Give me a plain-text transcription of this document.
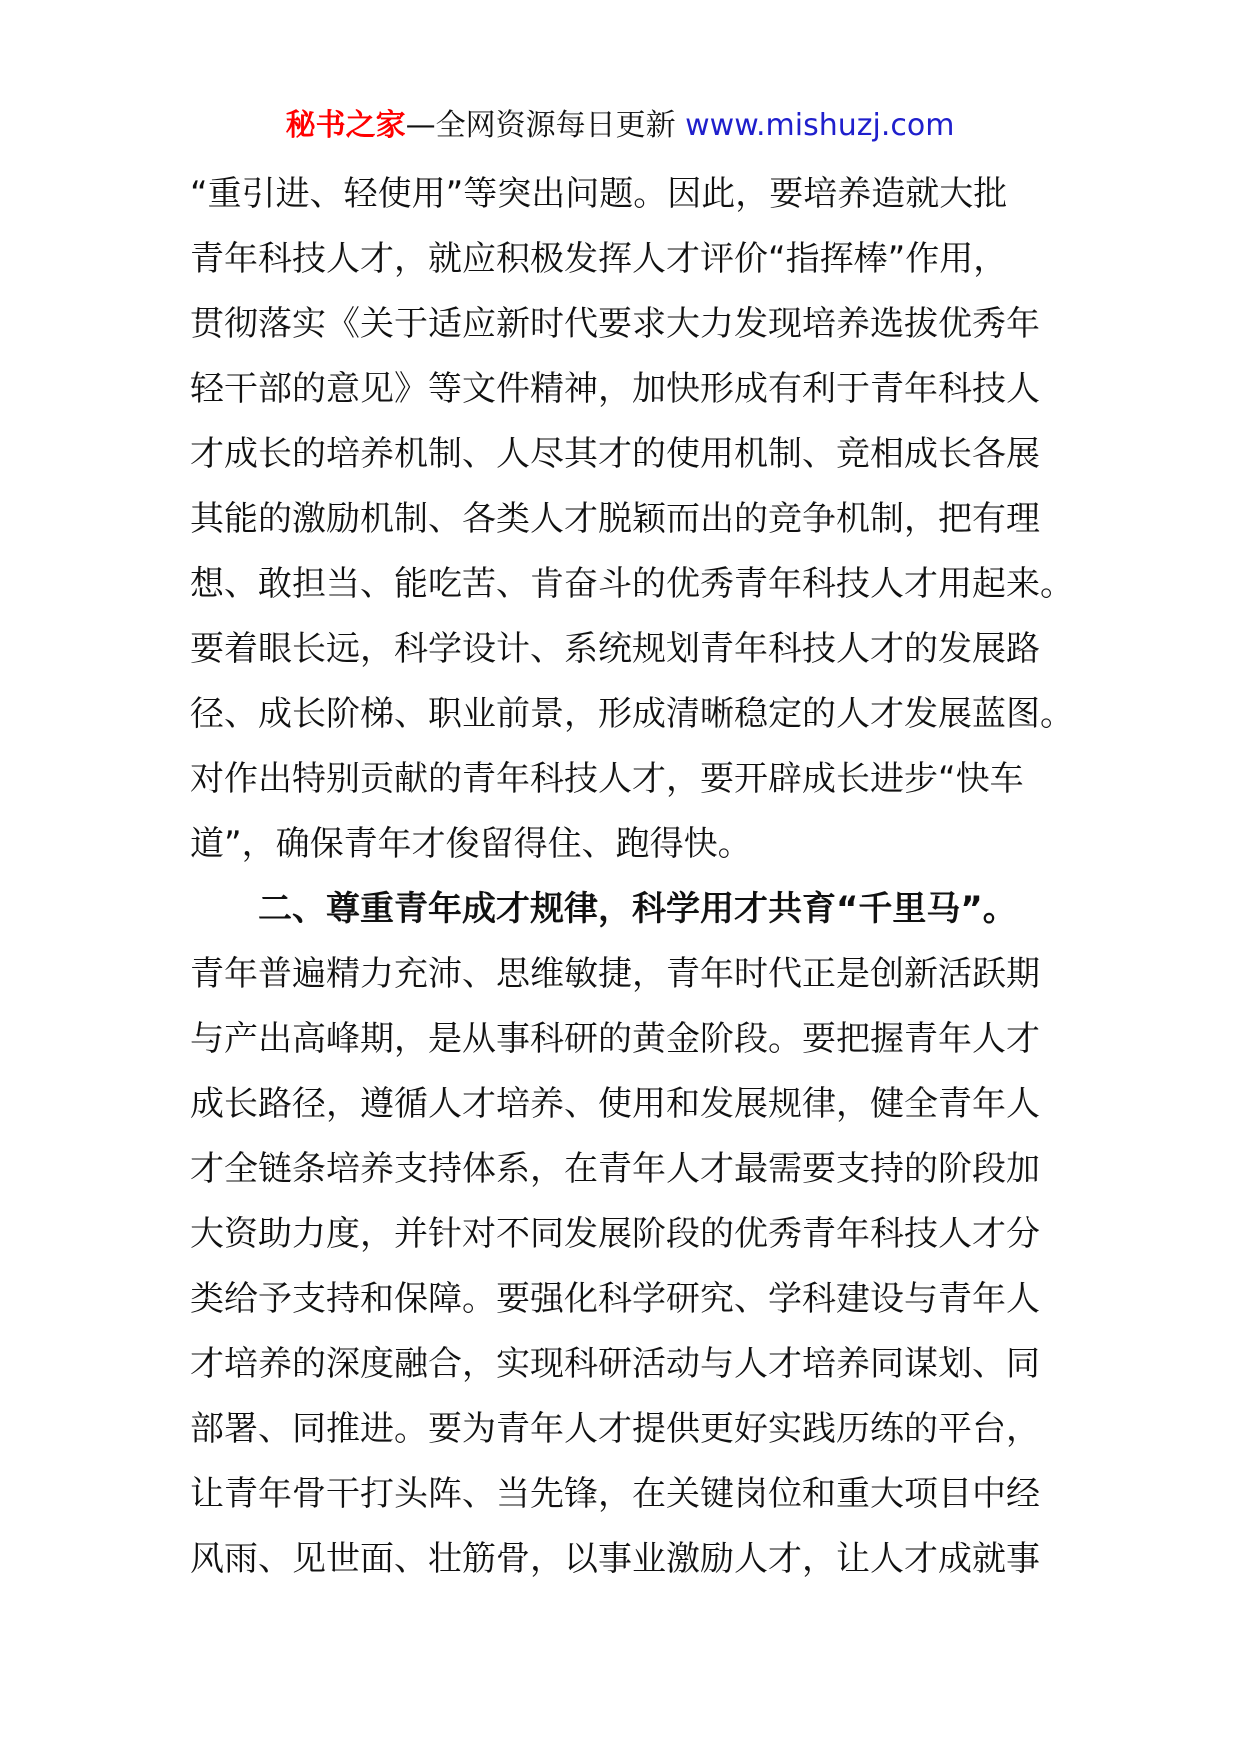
秘书之家—全网资源每日更新 www.mishuzj.com
“重引进、轻使用”等突出问题。因此，要培养造就大批
青年科技人才，就应积极发挥人才评价“指挥棒”作用，
贯彻落实《关于适应新时代要求大力发现培养选拔优秀年
轻干部的意见》等文件精神，加快形成有利于青年科技人
才成长的培养机制、人尽其才的使用机制、竞相成长各展
其能的激励机制、各类人才脱颖而出的竞争机制，把有理
想、敢担当、能吃苦、肯奋斗的优秀青年科技人才用起来。
要着眼长远，科学设计、系统规划青年科技人才的发展路
径、成长阶梯、职业前景，形成清晰稳定的人才发展蓝图。
对作出特别贡献的青年科技人才，要开辟成长进步“快车
道”，确保青年才俊留得住、跑得快。
二、尊重青年成才规律，科学用才共育“千里马”。
青年普遍精力充沛、思维敏捷，青年时代正是创新活跃期
与产出高峰期，是从事科研的黄金阶段。要把握青年人才
成长路径，遵循人才培养、使用和发展规律，健全青年人
才全链条培养支持体系，在青年人才最需要支持的阶段加
大资助力度，并针对不同发展阶段的优秀青年科技人才分
类给予支持和保障。要强化科学研究、学科建设与青年人
才培养的深度融合，实现科研活动与人才培养同谋划、同
部署、同推进。要为青年人才提供更好实践历练的平台，
让青年骨干打头阵、当先锋，在关键岗位和重大项目中经
风雨、见世面、壮筋骨，以事业激励人才，让人才成就事
